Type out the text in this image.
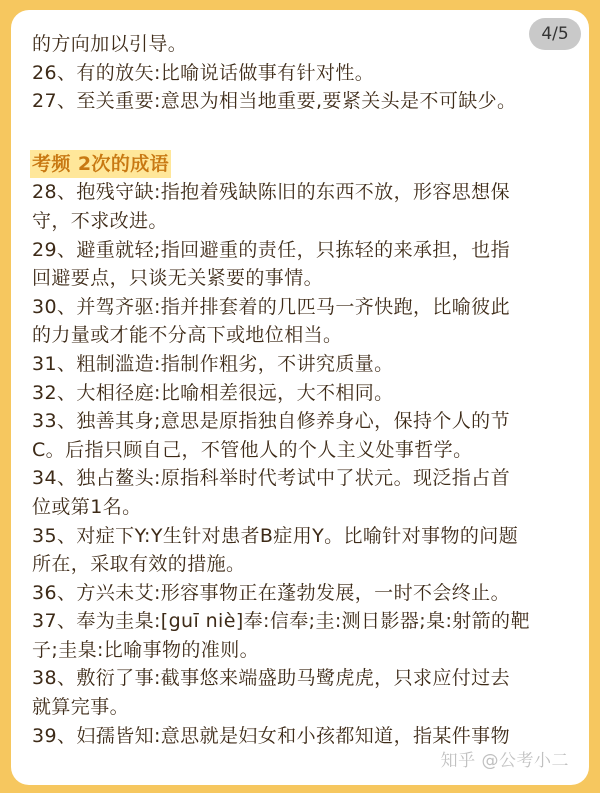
4/5

的方向加以引导。

26、有的放矢:比喻说话做事有针对性。

27、至关重要:意思为相当地重要,要紧关头是不可缺少。

考频 2次的成语

28、抱残守缺:指抱着残缺陈旧的东西不放，形容思想保

守，不求改进。

29、避重就轻;指回避重的责任，只拣轻的来承担，也指

回避要点，只谈无关紧要的事情。

30、并驾齐驱:指并排套着的几匹马一齐快跑，比喻彼此

的力量或才能不分高下或地位相当。

31、粗制滥造:指制作粗劣，不讲究质量。

32、大相径庭:比喻相差很远，大不相同。

33、独善其身;意思是原指独自修养身心，保持个人的节

C。后指只顾自己，不管他人的个人主义处事哲学。

34、独占鳌头:原指科举时代考试中了状元。现泛指占首

位或第1名。

35、对症下Y:Y生针对患者B症用Y。比喻针对事物的问题

所在，采取有效的措施。

36、方兴未艾:形容事物正在蓬勃发展，一时不会终止。

37、奉为圭臬:[guī niè]奉:信奉;圭:测日影器;臬:射箭的靶

子;圭臬:比喻事物的准则。

38、敷衍了事:截事悠来端盛助马鹭虎虎，只求应付过去

就算完事。

39、妇孺皆知:意思就是妇女和小孩都知道，指某件事物

知乎 @公考小二
